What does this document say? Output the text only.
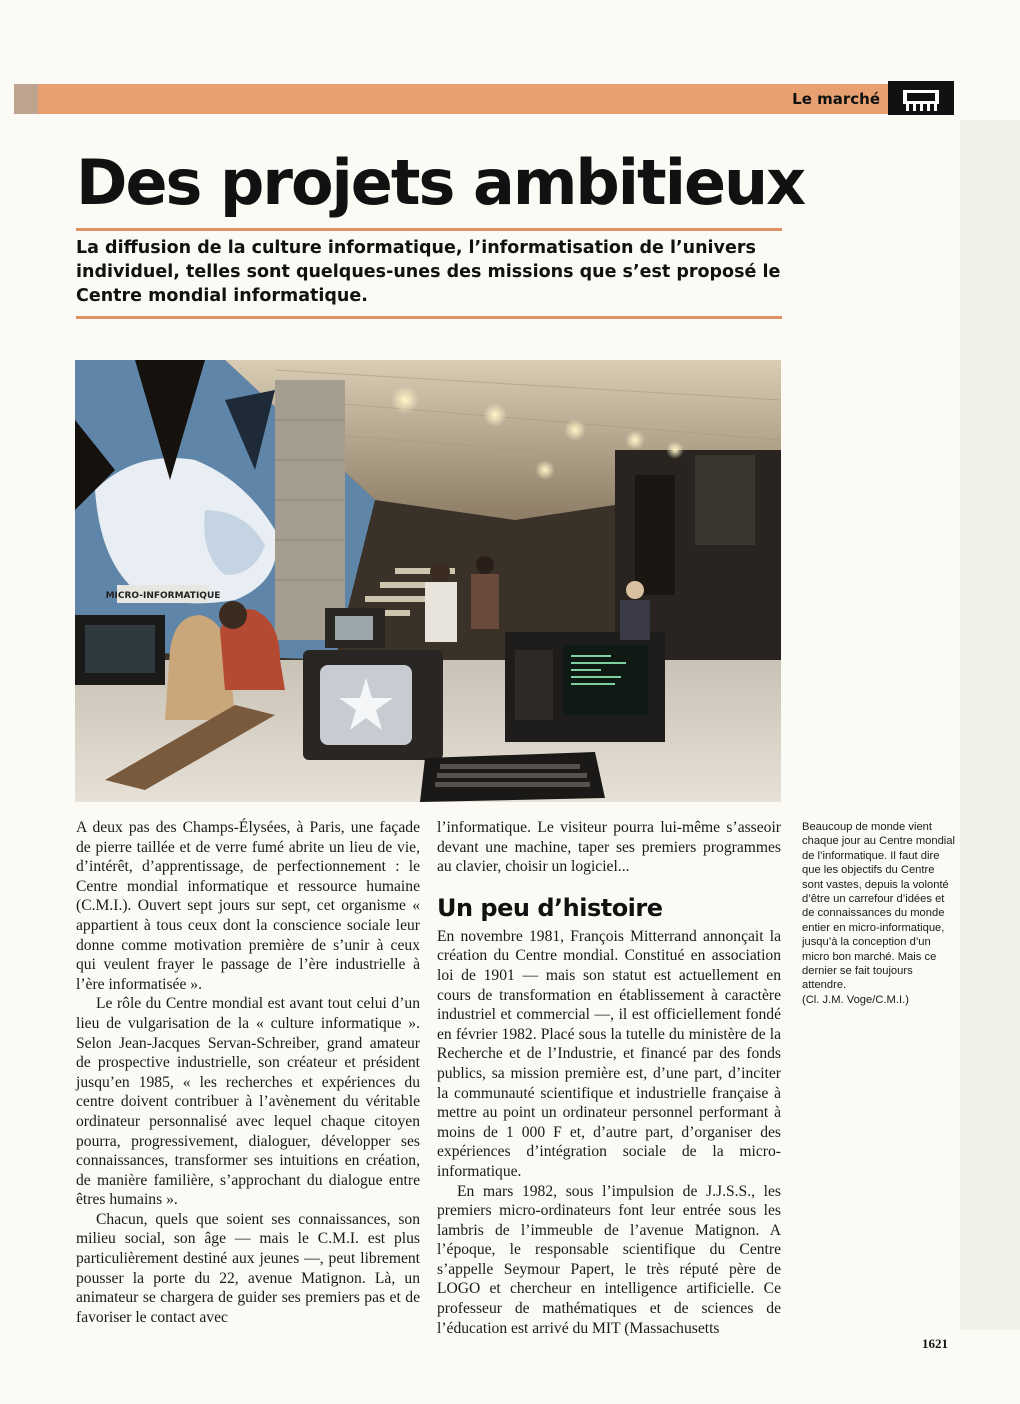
Le marché
Des projets ambitieux

La diffusion de la culture informatique, l’informatisation de l’univers individuel, telles sont quelques-unes des missions que s’est proposé le Centre mondial informatique.

MICRO-INFORMATIQUE

A deux pas des Champs-Élysées, à Paris, une façade de pierre taillée et de verre fumé abrite un lieu de vie, d’intérêt, d’apprentissage, de perfectionnement : le Centre mondial informatique et ressource humaine (C.M.I.). Ouvert sept jours sur sept, cet organisme « appartient à tous ceux dont la conscience sociale leur donne comme motivation première de s’unir à ceux qui veulent frayer le passage de l’ère industrielle à l’ère informatisée ».

Le rôle du Centre mondial est avant tout celui d’un lieu de vulgarisation de la « culture informatique ». Selon Jean-Jacques Servan-Schreiber, grand amateur de prospective industrielle, son créateur et président jusqu’en 1985, « les recherches et expériences du centre doivent contribuer à l’avènement du véritable ordinateur personnalisé avec lequel chaque citoyen pourra, progressivement, dialoguer, développer ses connaissances, transformer ses intuitions en création, de manière familière, s’approchant du dialogue entre êtres humains ».

Chacun, quels que soient ses connaissances, son milieu social, son âge — mais le C.M.I. est plus particulièrement destiné aux jeunes —, peut librement pousser la porte du 22, avenue Matignon. Là, un animateur se chargera de guider ses premiers pas et de favoriser le contact avec

l’informatique. Le visiteur pourra lui-même s’asseoir devant une machine, taper ses premiers programmes au clavier, choisir un logiciel...

Un peu d’histoire

En novembre 1981, François Mitterrand annonçait la création du Centre mondial. Constitué en association loi de 1901 — mais son statut est actuellement en cours de transformation en établissement à caractère industriel et commercial —, il est officiellement fondé en février 1982. Placé sous la tutelle du ministère de la Recherche et de l’Industrie, et financé par des fonds publics, sa mission première est, d’une part, d’inciter la communauté scientifique et industrielle française à mettre au point un ordinateur personnel performant à moins de 1 000 F et, d’autre part, d’organiser des expériences d’intégration sociale de la micro-informatique.

En mars 1982, sous l’impulsion de J.J.S.S., les premiers micro-ordinateurs font leur entrée sous les lambris de l’immeuble de l’avenue Matignon. A l’époque, le responsable scientifique du Centre s’appelle Seymour Papert, le très réputé père de LOGO et chercheur en intelligence artificielle. Ce professeur de mathématiques et de sciences de l’éducation est arrivé du MIT (Massachusetts

Beaucoup de monde vient chaque jour au Centre mondial de l’informatique. Il faut dire que les objectifs du Centre sont vastes, depuis la volonté d’être un carrefour d’idées et de connaissances du monde entier en micro-informatique, jusqu’à la conception d’un micro bon marché. Mais ce dernier se fait toujours attendre.
(Cl. J.M. Voge/C.M.I.)

1621
